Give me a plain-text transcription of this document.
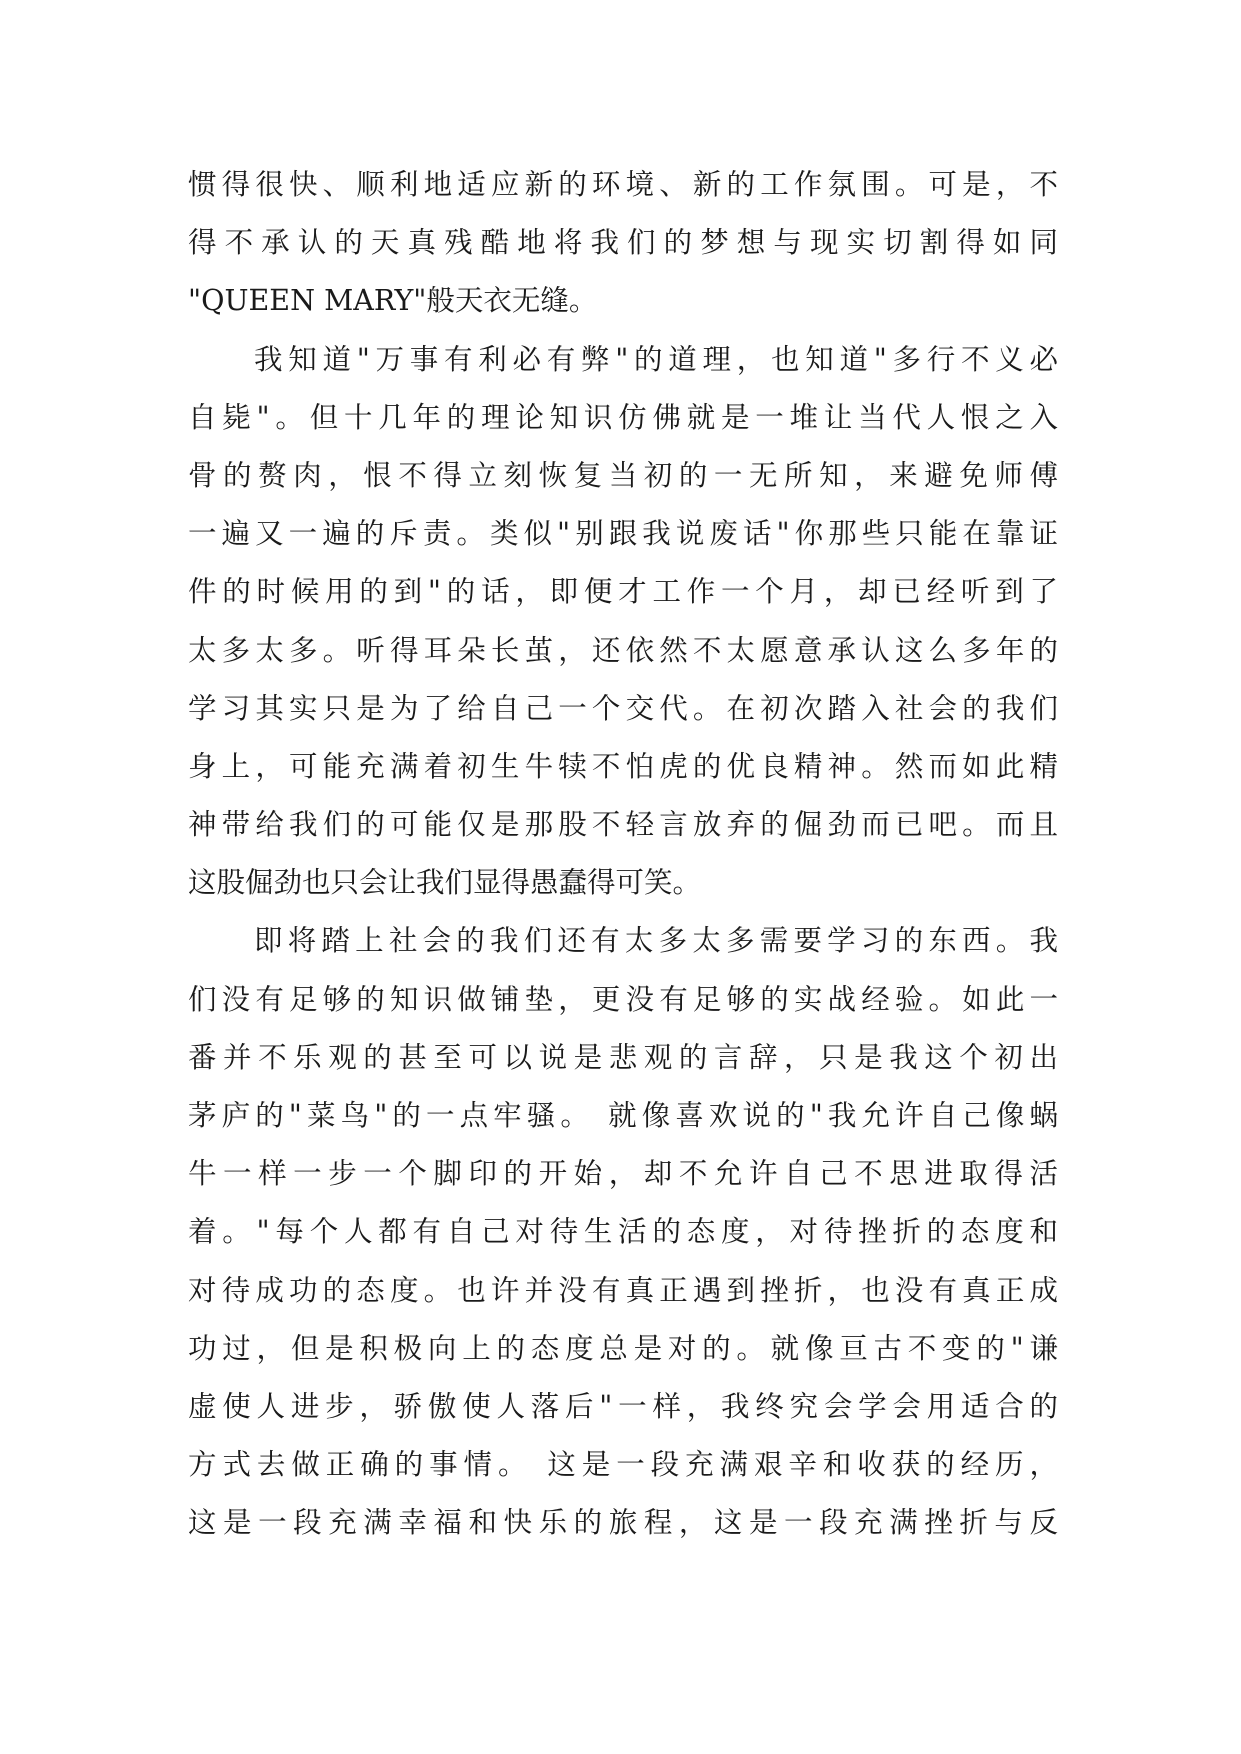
惯得很快、顺利地适应新的环境、新的工作氛围。可是，不
得不承认的天真残酷地将我们的梦想与现实切割得如同
"QUEEN MARY"般天衣无缝。
我知道"万事有利必有弊"的道理，也知道"多行不义必
自毙"。但十几年的理论知识仿佛就是一堆让当代人恨之入
骨的赘肉，恨不得立刻恢复当初的一无所知，来避免师傅
一遍又一遍的斥责。类似"别跟我说废话"你那些只能在靠证
件的时候用的到"的话，即便才工作一个月，却已经听到了
太多太多。听得耳朵长茧，还依然不太愿意承认这么多年的
学习其实只是为了给自己一个交代。在初次踏入社会的我们
身上，可能充满着初生牛犊不怕虎的优良精神。然而如此精
神带给我们的可能仅是那股不轻言放弃的倔劲而已吧。而且
这股倔劲也只会让我们显得愚蠢得可笑。
即将踏上社会的我们还有太多太多需要学习的东西。我
们没有足够的知识做铺垫，更没有足够的实战经验。如此一
番并不乐观的甚至可以说是悲观的言辞，只是我这个初出
茅庐的"菜鸟"的一点牢骚。 就像喜欢说的"我允许自己像蜗
牛一样一步一个脚印的开始，却不允许自己不思进取得活
着。"每个人都有自己对待生活的态度，对待挫折的态度和
对待成功的态度。也许并没有真正遇到挫折，也没有真正成
功过，但是积极向上的态度总是对的。就像亘古不变的"谦
虚使人进步，骄傲使人落后"一样，我终究会学会用适合的
方式去做正确的事情。 这是一段充满艰辛和收获的经历，
这是一段充满幸福和快乐的旅程，这是一段充满挫折与反
